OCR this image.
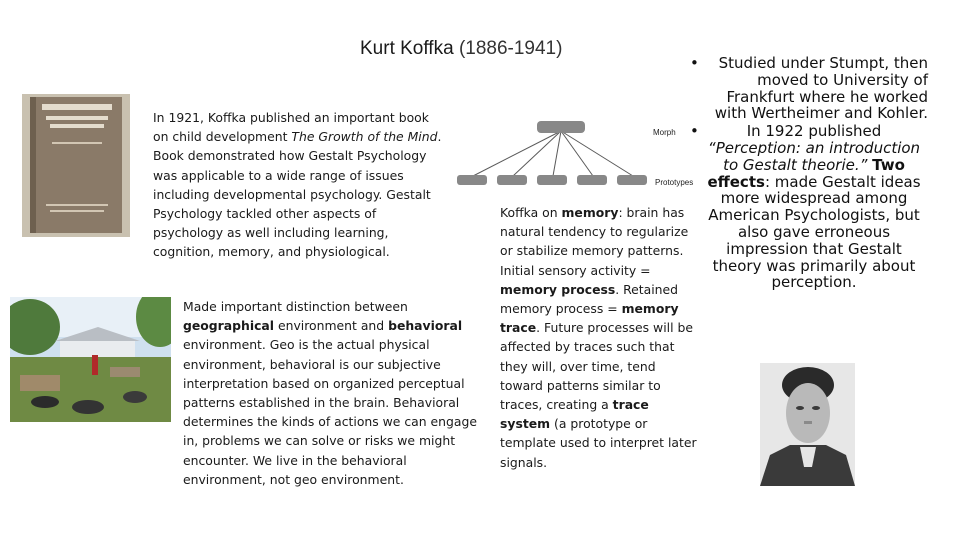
Kurt Koffka (1886-1941)
In 1921, Koffka published an important book on child development The Growth of the Mind. Book demonstrated how Gestalt Psychology was applicable to a wide range of issues including developmental psychology. Gestalt Psychology tackled other aspects of psychology as well including learning, cognition, memory, and physiological.
Made important distinction between geographical environment and behavioral environment. Geo is the actual physical environment, behavioral is our subjective interpretation based on organized perceptual patterns established in the brain. Behavioral determines the kinds of actions we can engage in, problems we can solve or risks we might encounter. We live in the behavioral environment, not geo environment.
Morph
Prototypes
Koffka on memory: brain has natural tendency to regularize or stabilize memory patterns. Initial sensory activity = memory process. Retained memory process = memory trace. Future processes will be affected by traces such that they will, over time, tend toward patterns similar to traces, creating a trace system (a prototype or template used to interpret later signals.
• Studied under Stumpt, then moved to University of Frankfurt where he worked with Wertheimer and Kohler.
•	In 1922 published “Perception: an introduction to Gestalt theorie.” Two effects: made Gestalt ideas more widespread among American Psychologists, but also gave erroneous impression that Gestalt theory was primarily about perception.
